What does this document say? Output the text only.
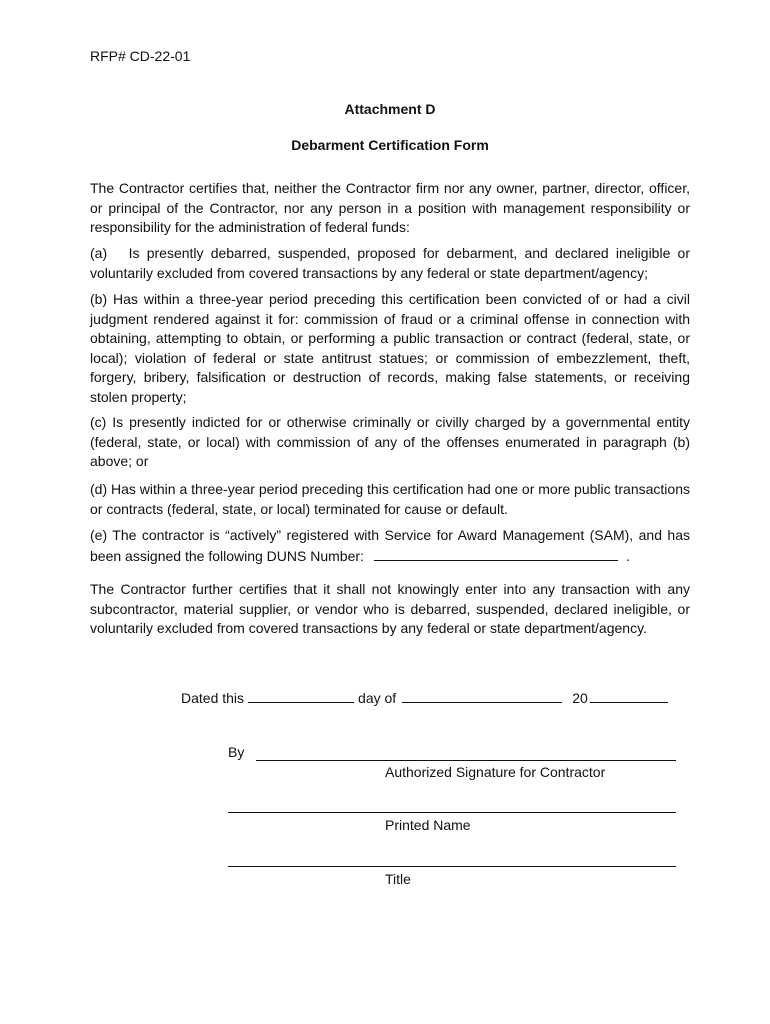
RFP# CD-22-01
Attachment D
Debarment Certification Form
The Contractor certifies that, neither the Contractor firm nor any owner, partner, director, officer, or principal of the Contractor, nor any person in a position with management responsibility or responsibility for the administration of federal funds:
(a)   Is presently debarred, suspended, proposed for debarment, and declared ineligible or voluntarily excluded from covered transactions by any federal or state department/agency;
(b) Has within a three-year period preceding this certification been convicted of or had a civil judgment rendered against it for: commission of fraud or a criminal offense in connection with obtaining, attempting to obtain, or performing a public transaction or contract (federal, state, or local); violation of federal or state antitrust statues; or commission of embezzlement, theft, forgery, bribery, falsification or destruction of records, making false statements, or receiving stolen property;
(c) Is presently indicted for or otherwise criminally or civilly charged by a governmental entity (federal, state, or local) with commission of any of the offenses enumerated in paragraph (b) above; or
(d) Has within a three-year period preceding this certification had one or more public transactions or contracts (federal, state, or local) terminated for cause or default.
(e) The contractor is “actively” registered with Service for Award Management (SAM), and has been assigned the following DUNS Number:	.
The Contractor further certifies that it shall not knowingly enter into any transaction with any subcontractor, material supplier, or vendor who is debarred, suspended, declared ineligible, or voluntarily excluded from covered transactions by any federal or state department/agency.
Dated this	day of	20
By
Authorized Signature for Contractor
Printed Name
Title
